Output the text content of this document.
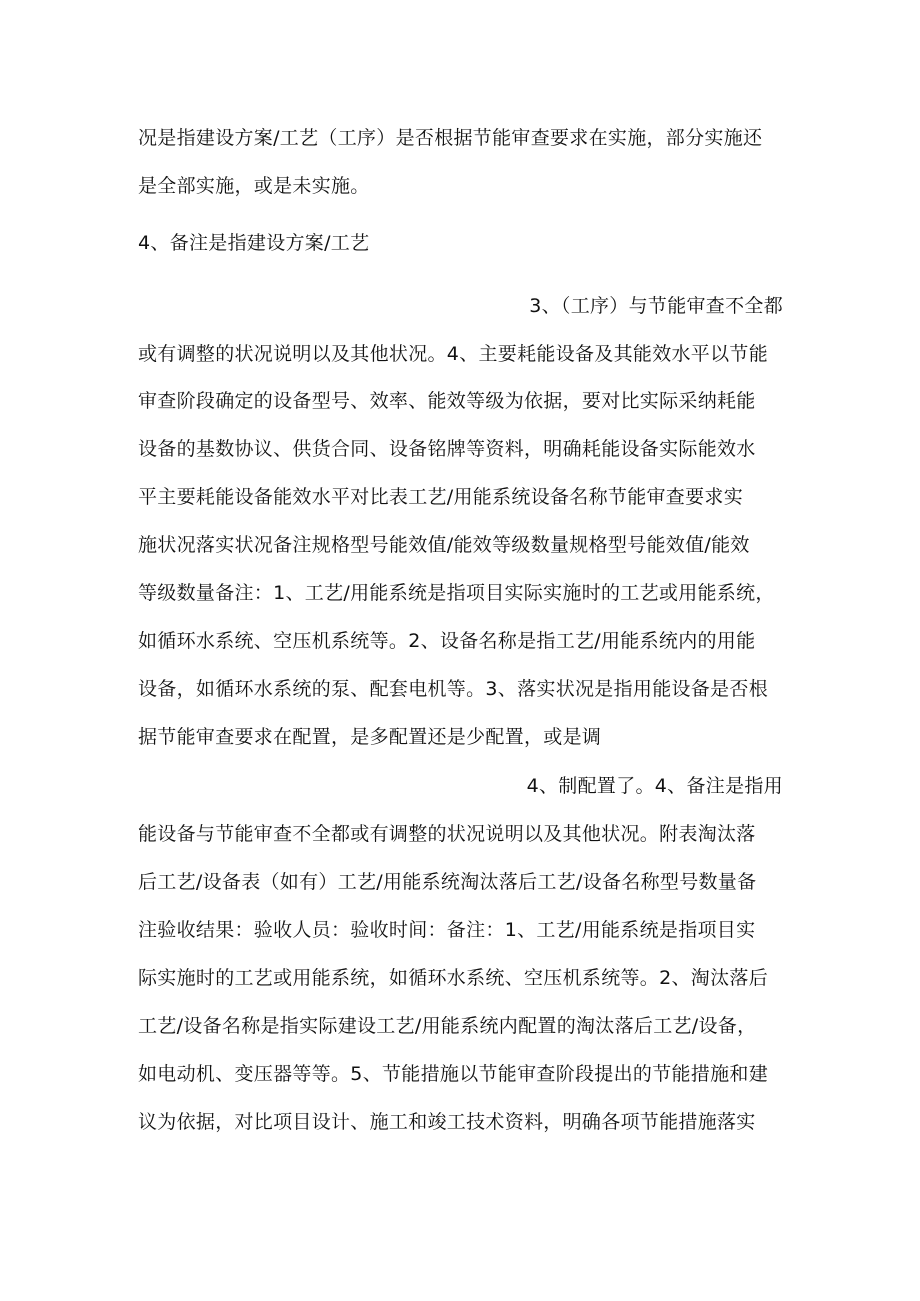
况是指建设方案/工艺（工序）是否根据节能审查要求在实施，部分实施还
是全部实施，或是未实施。
4、备注是指建设方案/工艺
3、（工序）与节能审查不全都
或有调整的状况说明以及其他状况。4、主要耗能设备及其能效水平以节能
审查阶段确定的设备型号、效率、能效等级为依据，要对比实际采纳耗能
设备的基数协议、供货合同、设备铭牌等资料，明确耗能设备实际能效水
平主要耗能设备能效水平对比表工艺/用能系统设备名称节能审查要求实
施状况落实状况备注规格型号能效值/能效等级数量规格型号能效值/能效
等级数量备注：1、工艺/用能系统是指项目实际实施时的工艺或用能系统，
如循环水系统、空压机系统等。2、设备名称是指工艺/用能系统内的用能
设备，如循环水系统的泵、配套电机等。3、落实状况是指用能设备是否根
据节能审查要求在配置，是多配置还是少配置，或是调
4、制配置了。4、备注是指用
能设备与节能审查不全都或有调整的状况说明以及其他状况。附表淘汰落
后工艺/设备表（如有）工艺/用能系统淘汰落后工艺/设备名称型号数量备
注验收结果：验收人员：验收时间：备注：1、工艺/用能系统是指项目实
际实施时的工艺或用能系统，如循环水系统、空压机系统等。2、淘汰落后
工艺/设备名称是指实际建设工艺/用能系统内配置的淘汰落后工艺/设备，
如电动机、变压器等等。5、节能措施以节能审查阶段提出的节能措施和建
议为依据，对比项目设计、施工和竣工技术资料，明确各项节能措施落实
